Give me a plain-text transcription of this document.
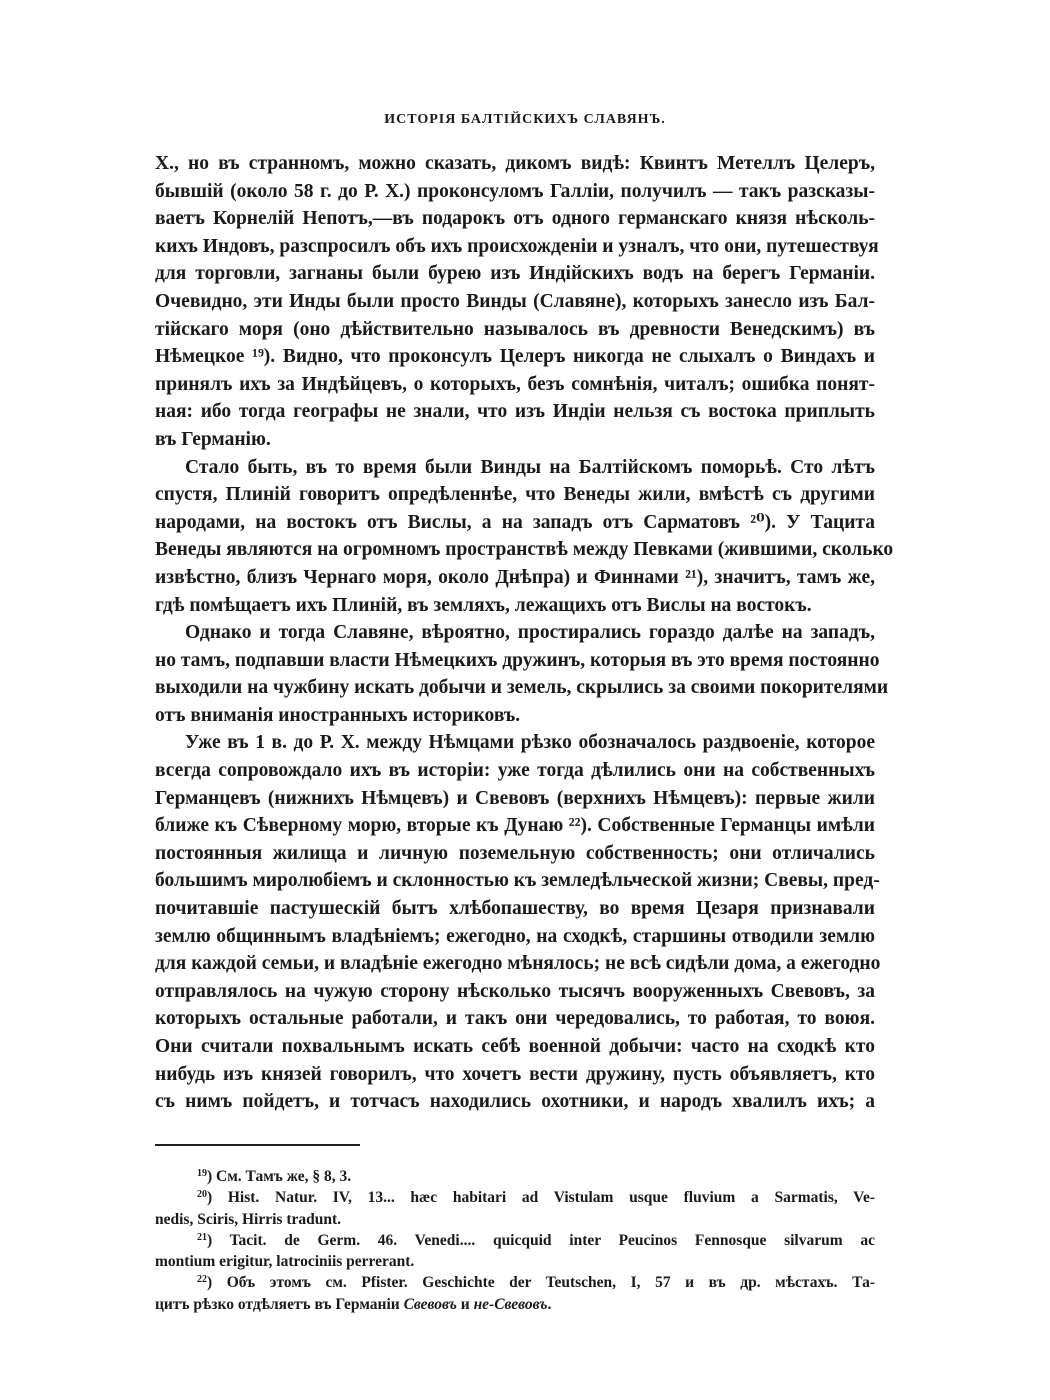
ИСТОРІЯ БАЛТІЙСКИХЪ СЛАВЯНЪ.
X., но въ странномъ, можно сказать, дикомъ видѣ: Квинтъ Метеллъ Целеръ,
бывшій (около 58 г. до Р. X.) проконсуломъ Галліи, получилъ — такъ разсказы-
ваетъ Корнелій Непотъ,—въ подарокъ отъ одного германскаго князя нѣсколь-
кихъ Индовъ, разспросилъ объ ихъ происхожденіи и узналъ, что они, путешествуя
для торговли, загнаны были бурею изъ Индійскихъ водъ на берегъ Германіи.
Очевидно, эти Инды были просто Винды (Славяне), которыхъ занесло изъ Бал-
тійскаго моря (оно дѣйствительно называлось въ древности Венедскимъ) въ
Нѣмецкое ¹⁹). Видно, что проконсулъ Целеръ никогда не слыхалъ о Виндахъ и
принялъ ихъ за Индѣйцевъ, о которыхъ, безъ сомнѣнія, читалъ; ошибка понят-
ная: ибо тогда географы не знали, что изъ Индіи нельзя съ востока приплыть
въ Германію.
Стало быть, въ то время были Винды на Балтійскомъ поморьѣ. Сто лѣтъ
спустя, Плиній говоритъ опредѣленнѣе, что Венеды жили, вмѣстѣ съ другими
народами, на востокъ отъ Вислы, а на западъ отъ Сарматовъ ²⁰). У Тацита
Венеды являются на огромномъ пространствѣ между Певками (жившими, сколько
извѣстно, близъ Чернаго моря, около Днѣпра) и Финнами ²¹), значитъ, тамъ же,
гдѣ помѣщаетъ ихъ Плиній, въ земляхъ, лежащихъ отъ Вислы на востокъ.
Однако и тогда Славяне, вѣроятно, простирались гораздо далѣе на западъ,
но тамъ, подпавши власти Нѣмецкихъ дружинъ, которыя въ это время постоянно
выходили на чужбину искать добычи и земель, скрылись за своими покорителями
отъ вниманія иностранныхъ историковъ.
Уже въ 1 в. до Р. X. между Нѣмцами рѣзко обозначалось раздвоеніе, которое
всегда сопровождало ихъ въ исторіи: уже тогда дѣлились они на собственныхъ
Германцевъ (нижнихъ Нѣмцевъ) и Свевовъ (верхнихъ Нѣмцевъ): первые жили
ближе къ Сѣверному морю, вторые къ Дунаю ²²). Собственные Германцы имѣли
постоянныя жилища и личную поземельную собственность; они отличались
большимъ миролюбіемъ и склонностью къ земледѣльческой жизни; Свевы, пред-
почитавшіе пастушескій бытъ хлѣбопашеству, во время Цезаря признавали
землю общиннымъ владѣніемъ; ежегодно, на сходкѣ, старшины отводили землю
для каждой семьи, и владѣніе ежегодно мѣнялось; не всѣ сидѣли дома, а ежегодно
отправлялось на чужую сторону нѣсколько тысячъ вооруженныхъ Свевовъ, за
которыхъ остальные работали, и такъ они чередовались, то работая, то воюя.
Они считали похвальнымъ искать себѣ военной добычи: часто на сходкѣ кто
нибудь изъ князей говорилъ, что хочетъ вести дружину, пусть объявляетъ, кто
съ нимъ пойдетъ, и тотчасъ находились охотники, и народъ хвалилъ ихъ; а
$^{19}$) См. Тамъ же, § 8, 3.
$^{20}$) Hist. Natur. IV, 13... hæc habitari ad Vistulam usque fluvium a Sarmatis, Ve-
nedis, Sciris, Hirris tradunt.
$^{21}$) Tacit. de Germ. 46. Venedi.... quicquid inter Peucinos Fennosque silvarum ac
montium erigitur, latrociniis perrerant.
$^{22}$) Объ этомъ см. Pfister. Geschichte der Teutschen, I, 57 и въ др. мѣстахъ. Та-
цитъ рѣзко отдѣляетъ въ Германіи Свевовъ и не-Свевовъ.
